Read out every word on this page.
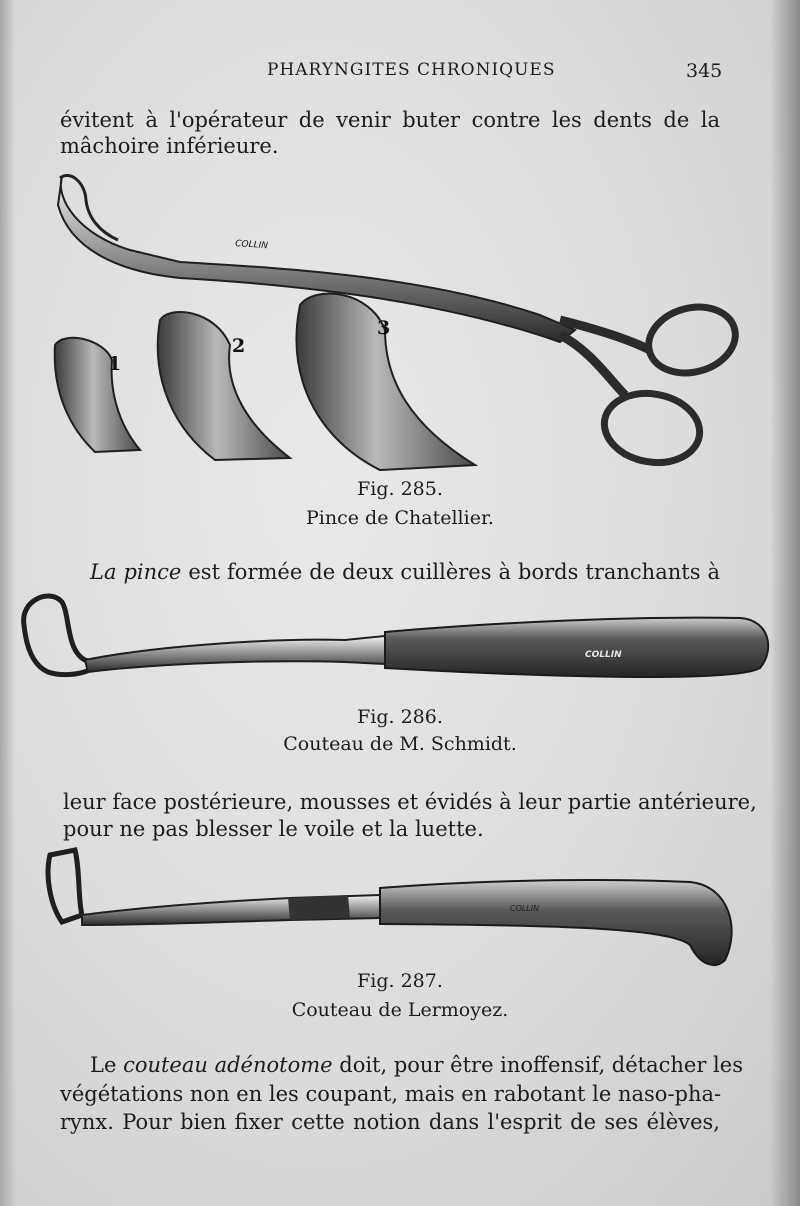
PHARYNGITES CHRONIQUES	345
évitent à l'opérateur de venir buter contre les dents de la
mâchoire inférieure.
COLLIN
1
2
3
Fig. 285.
Pince de Chatellier.
La pince est formée de deux cuillères à bords tranchants à
COLLIN
Fig. 286.
Couteau de M. Schmidt.
leur face postérieure, mousses et évidés à leur partie antérieure,
pour ne pas blesser le voile et la luette.
COLLIN
Fig. 287.
Couteau de Lermoyez.
Le couteau adénotome doit, pour être inoffensif, détacher les
végétations non en les coupant, mais en rabotant le naso-pha-
rynx. Pour bien fixer cette notion dans l'esprit de ses élèves,
